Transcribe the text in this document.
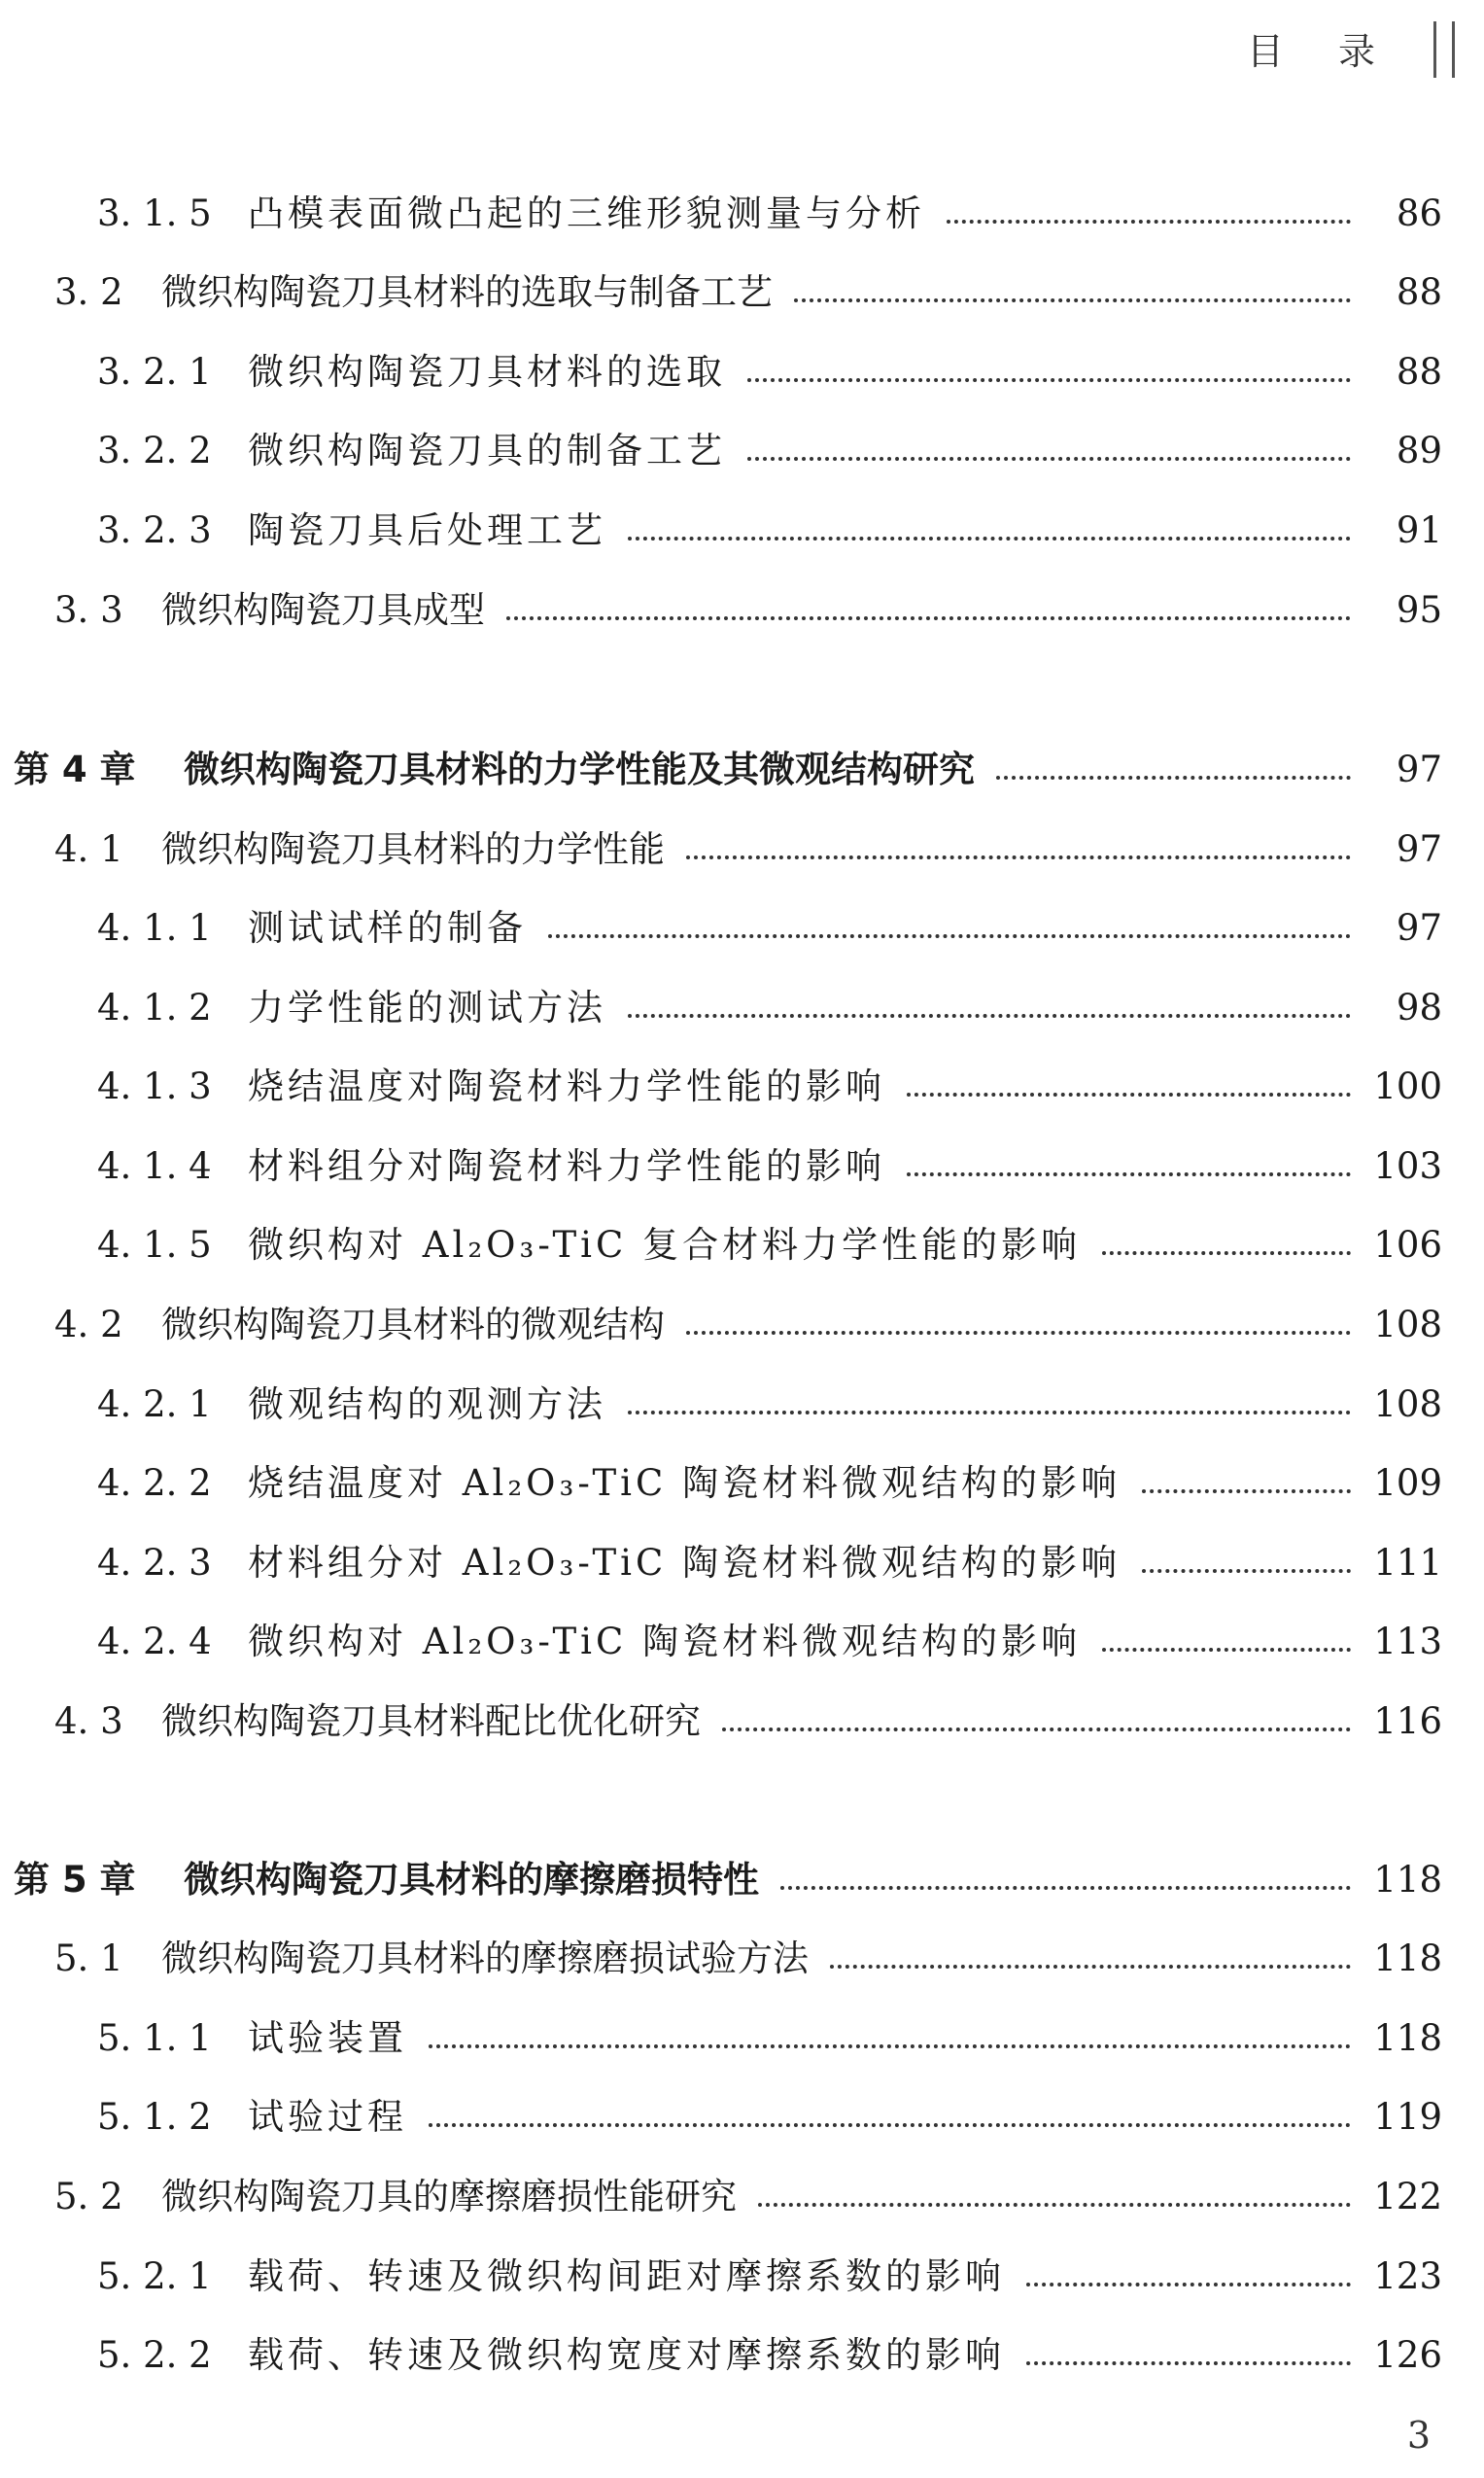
目 录
3. 1. 5	凸模表面微凸起的三维形貌测量与分析	86
3. 2	微织构陶瓷刀具材料的选取与制备工艺	88
3. 2. 1	微织构陶瓷刀具材料的选取	88
3. 2. 2	微织构陶瓷刀具的制备工艺	89
3. 2. 3	陶瓷刀具后处理工艺	91
3. 3	微织构陶瓷刀具成型	95
第 4 章	微织构陶瓷刀具材料的力学性能及其微观结构研究	97
4. 1	微织构陶瓷刀具材料的力学性能	97
4. 1. 1	测试试样的制备	97
4. 1. 2	力学性能的测试方法	98
4. 1. 3	烧结温度对陶瓷材料力学性能的影响	100
4. 1. 4	材料组分对陶瓷材料力学性能的影响	103
4. 1. 5	微织构对 Al₂O₃-TiC 复合材料力学性能的影响	106
4. 2	微织构陶瓷刀具材料的微观结构	108
4. 2. 1	微观结构的观测方法	108
4. 2. 2	烧结温度对 Al₂O₃-TiC 陶瓷材料微观结构的影响	109
4. 2. 3	材料组分对 Al₂O₃-TiC 陶瓷材料微观结构的影响	111
4. 2. 4	微织构对 Al₂O₃-TiC 陶瓷材料微观结构的影响	113
4. 3	微织构陶瓷刀具材料配比优化研究	116
第 5 章	微织构陶瓷刀具材料的摩擦磨损特性	118
5. 1	微织构陶瓷刀具材料的摩擦磨损试验方法	118
5. 1. 1	试验装置	118
5. 1. 2	试验过程	119
5. 2	微织构陶瓷刀具的摩擦磨损性能研究	122
5. 2. 1	载荷、转速及微织构间距对摩擦系数的影响	123
5. 2. 2	载荷、转速及微织构宽度对摩擦系数的影响	126
3
